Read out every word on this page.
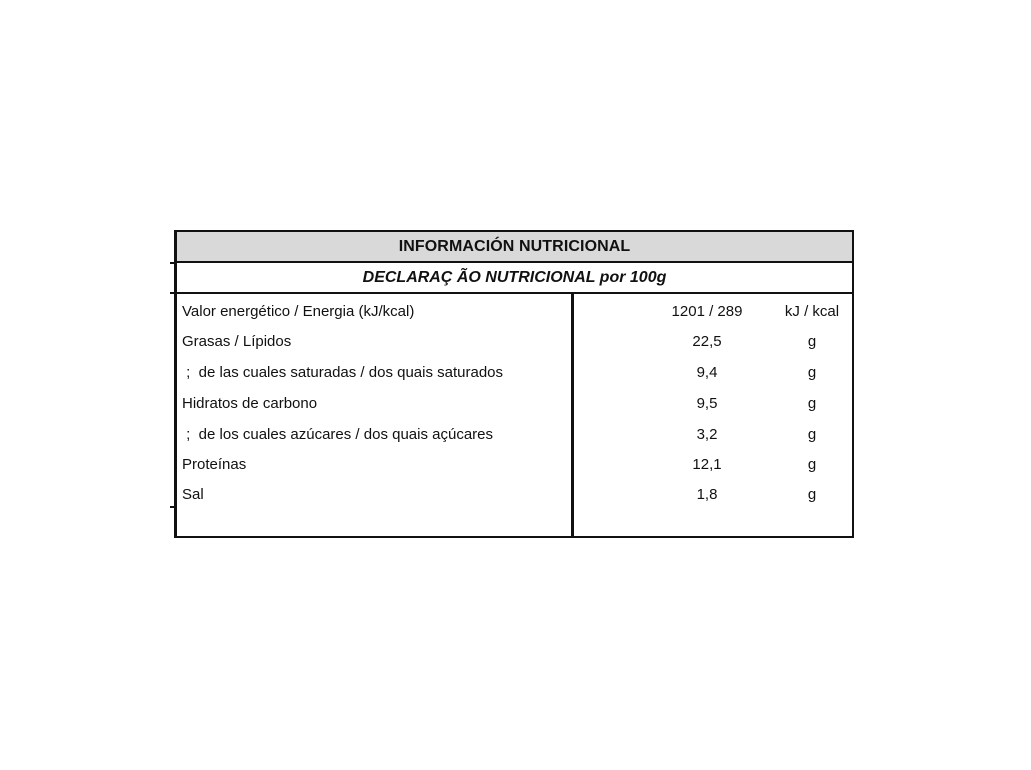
INFORMACIÓN NUTRICIONAL
DECLARAÇ ÃO NUTRICIONAL por 100g
Valor energético / Energia (kJ/kcal)	1201 / 289	kJ / kcal
Grasas / Lípidos	22,5	g
;  de las cuales saturadas / dos quais saturados	9,4	g
Hidratos de carbono	9,5	g
;  de los cuales azúcares / dos quais açúcares	3,2	g
Proteínas	12,1	g
Sal	1,8	g
